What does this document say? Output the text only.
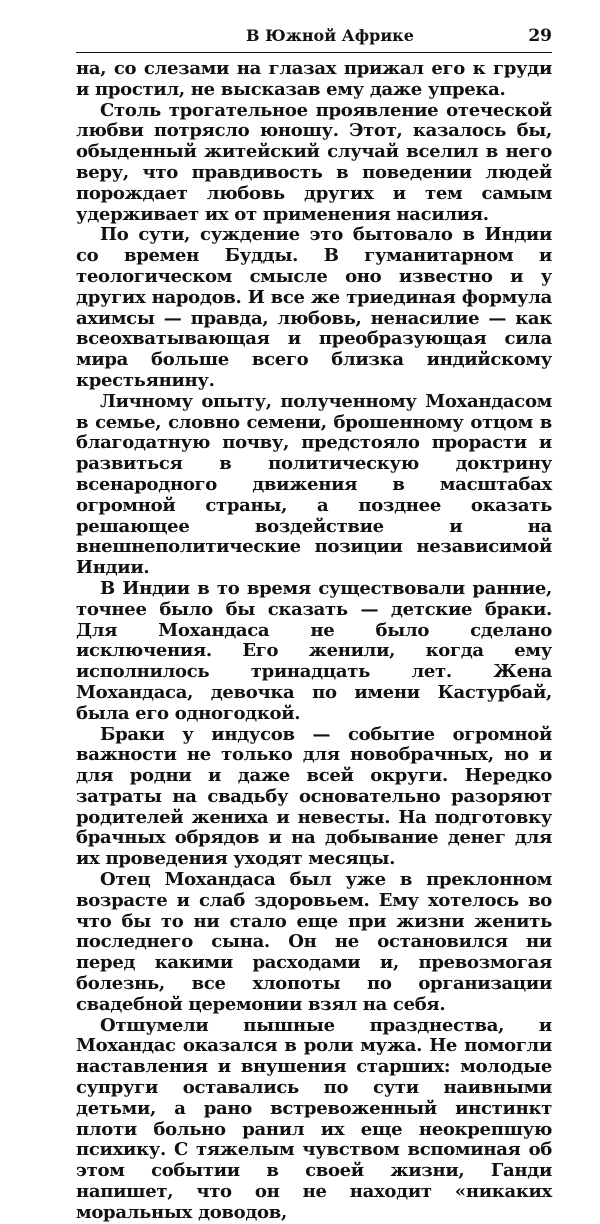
В Южной Африке	29

на, со слезами на глазах прижал его к груди и простил, не высказав ему даже упрека.

Столь трогательное проявление отеческой любви потрясло юношу. Этот, казалось бы, обыденный житейский случай вселил в него веру, что правдивость в поведении людей порождает любовь других и тем самым удерживает их от применения насилия.

По сути, суждение это бытовало в Индии со времен Будды. В гуманитарном и теологическом смысле оно известно и у других народов. И все же триединая формула ахимсы — правда, любовь, ненасилие — как всеохватывающая и преобразующая сила мира больше всего близка индийскому крестьянину.

Личному опыту, полученному Мохандасом в семье, словно семени, брошенному отцом в благодатную почву, предстояло прорасти и развиться в политическую доктрину всенародного движения в масштабах огромной страны, а позднее оказать решающее воздействие и на внешнеполитические позиции независимой Индии.

В Индии в то время существовали ранние, точнее было бы сказать — детские браки. Для Мохандаса не было сделано исключения. Его женили, когда ему исполнилось тринадцать лет. Жена Мохандаса, девочка по имени Кастурбай, была его одногодкой.

Браки у индусов — событие огромной важности не только для новобрачных, но и для родни и даже всей округи. Нередко затраты на свадьбу основательно разоряют родителей жениха и невесты. На подготовку брачных обрядов и на добывание денег для их проведения уходят месяцы.

Отец Мохандаса был уже в преклонном возрасте и слаб здоровьем. Ему хотелось во что бы то ни стало еще при жизни женить последнего сына. Он не остановился ни перед какими расходами и, превозмогая болезнь, все хлопоты по организации свадебной церемонии взял на себя.

Отшумели пышные празднества, и Мохандас оказался в роли мужа. Не помогли наставления и внушения старших: молодые супруги оставались по сути наивными детьми, а рано встревоженный инстинкт плоти больно ранил их еще неокрепшую психику. С тяжелым чувством вспоминая об этом событии в своей жизни, Ганди напишет, что он не находит «никаких моральных доводов,
